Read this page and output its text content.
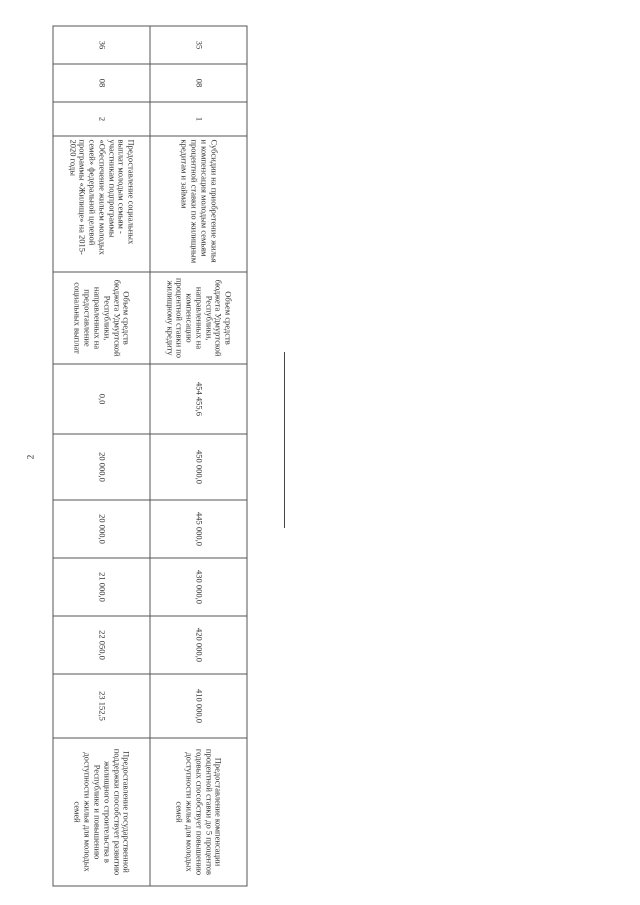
2
35	08	1	Субсидии на приобретение жилья и компенсация молодым семьям процентной ставки по жилищным кредитам и займам	Объем средств бюджета Удмуртской Республики, направленных на компенсацию процентной ставки по жилищному кредиту	454 455,6	450 000,0	445 000,0	430 000,0	420 000,0	410 000,0	Предоставление компенсации процентной ставки до 5 процентов годовых способствует повышению доступности жилья для молодых семей
36	08	2	Предоставление социальных выплат молодым семьям - участникам подпрограммы «Обеспечение жильем молодых семей» федеральной целевой программы «Жилище» на 2015-2020 годы	Объем средств бюджета Удмуртской Республики, направленных на предоставление социальных выплат	0,0	20 000,0	20 000,0	21 000,0	22 050,0	23 152,5	Предоставление государственной поддержки способствует развитию жилищного строительства в Республике и повышению доступности жилья для молодых семей
